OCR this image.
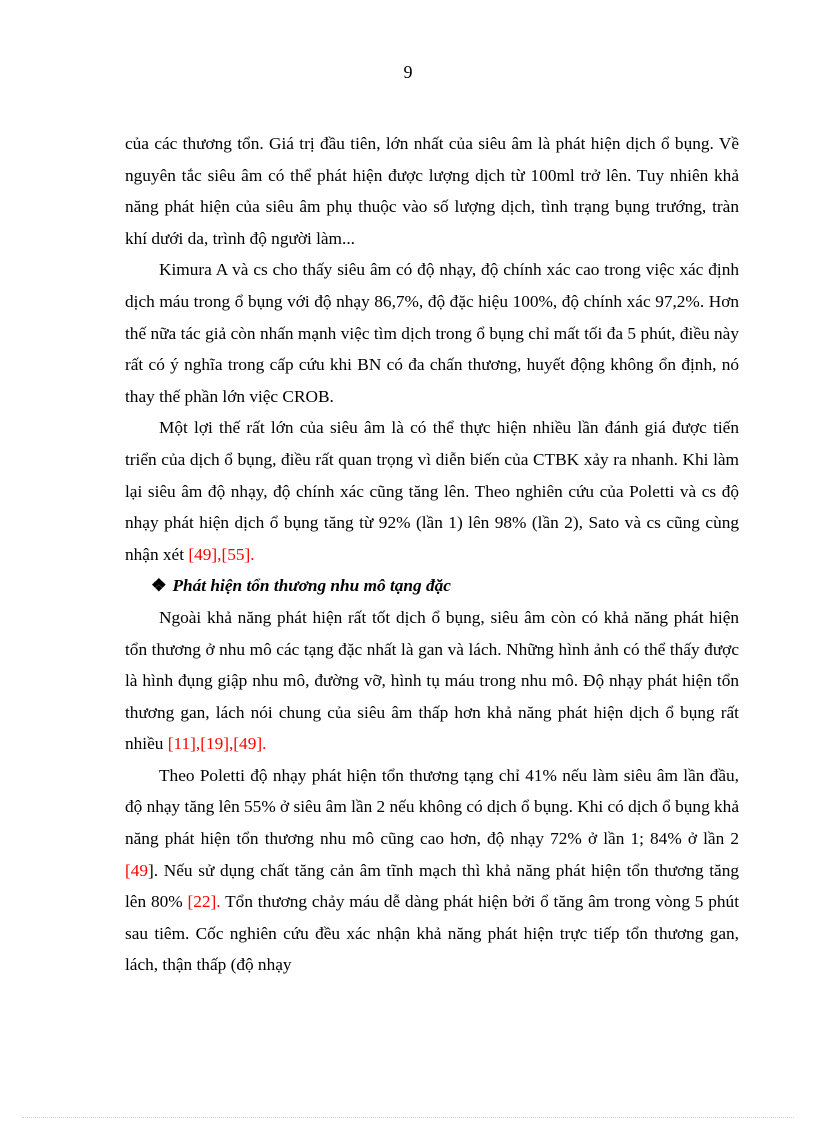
9

của các thương tổn. Giá trị đầu tiên, lớn nhất của siêu âm là phát hiện dịch ổ bụng. Về nguyên tắc siêu âm có thể phát hiện được lượng dịch từ 100ml trở lên. Tuy nhiên khả năng phát hiện của siêu âm phụ thuộc vào số lượng dịch, tình trạng bụng trướng, tràn khí dưới da, trình độ người làm...

Kimura A và cs cho thấy siêu âm có độ nhạy, độ chính xác cao trong việc xác định dịch máu trong ổ bụng với độ nhạy 86,7%, độ đặc hiệu 100%, độ chính xác 97,2%. Hơn thế nữa tác giả còn nhấn mạnh việc tìm dịch trong ổ bụng chỉ mất tối đa 5 phút, điều này rất có ý nghĩa trong cấp cứu khi BN có đa chấn thương, huyết động không ổn định, nó thay thế phần lớn việc CROB.

Một lợi thế rất lớn của siêu âm là có thể thực hiện nhiều lần đánh giá được tiến triển của dịch ổ bụng, điều rất quan trọng vì diễn biến của CTBK xảy ra nhanh. Khi làm lại siêu âm độ nhạy, độ chính xác cũng tăng lên. Theo nghiên cứu của Poletti và cs độ nhạy phát hiện dịch ổ bụng tăng từ 92% (lần 1) lên 98% (lần 2), Sato và cs cũng cùng nhận xét [49],[55].

❖ Phát hiện tổn thương nhu mô tạng đặc

Ngoài khả năng phát hiện rất tốt dịch ổ bụng, siêu âm còn có khả năng phát hiện tổn thương ở nhu mô các tạng đặc nhất là gan và lách. Những hình ảnh có thể thấy được là hình đụng giập nhu mô, đường vỡ, hình tụ máu trong nhu mô. Độ nhạy phát hiện tổn thương gan, lách nói chung của siêu âm thấp hơn khả năng phát hiện dịch ổ bụng rất nhiều [11],[19],[49].

Theo Poletti độ nhạy phát hiện tổn thương tạng chỉ 41% nếu làm siêu âm lần đầu, độ nhạy tăng lên 55% ở siêu âm lần 2 nếu không có dịch ổ bụng. Khi có dịch ổ bụng khả năng phát hiện tổn thương nhu mô cũng cao hơn, độ nhạy 72% ở lần 1; 84% ở lần 2 [49]. Nếu sử dụng chất tăng cản âm tĩnh mạch thì khả năng phát hiện tổn thương tăng lên 80% [22]. Tổn thương chảy máu dễ dàng phát hiện bởi ổ tăng âm trong vòng 5 phút sau tiêm. Cốc nghiên cứu đều xác nhận khả năng phát hiện trực tiếp tổn thương gan, lách, thận thấp (độ nhạy
